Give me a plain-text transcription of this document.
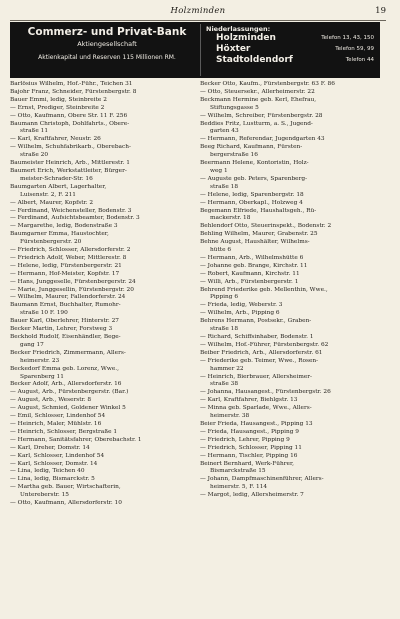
Holzminden	19
Commerz- und Privat-Bank
Aktiengesellschaft
Aktienkapital und Reserven 115 Millionen RM.
Niederlassungen:
Holzminden	Telefon 13, 43, 150
Höxter	Telefon 59, 99
Stadtoldendorf	Telefon 44
Barlösius Wilhelm, Hof.-Führ., Teichen 31
Bajohr Franz, Schneider, Fürstenbergstr. 8
Bauer Emmi, ledig, Steinbreite 2
— Ernst, Prediger, Steinbreite 2
— Otto, Kaufmann, Obere Str. 11 F. 256
Baumann Christoph, Dohlfahrts., Obere-
straße 11
— Karl, Kraftfahrer, Neustr. 26
— Wilhelm, Schuhfabrikarb., Oberebach-
straße 20
Baumeister Heinrich, Arb., Mittlerestr. 1
Baumert Erich, Werkstattleiter, Bürger-
meister-Schrader-Str. 16
Baumgarten Albert, Lagerhalter,
Luisenstr. 2, F. 211
— Albert, Maurer, Kopfstr. 2
— Ferdinand, Weichensteller, Bodenstr. 3
— Ferdinand, Aufsichtsbeamter, Bodenstr. 3
— Margarethe, ledig, Bodenstraße 3
Baumgarner Emma, Haustochter,
Fürstenbergerstr. 20
— Friedrich, Schlosser, Allersdorferstr. 2
— Friedrich Adolf, Weber, Mittlerestr. 8
— Helene, ledig, Fürstenbergerstr. 21
— Hermann, Hof-Meister, Kopfstr. 17
— Hans, Junggeselle, Fürstenbergerstr. 24
— Marie, Junggesellin, Fürstenbergstr. 20
— Wilhelm, Maurer, Fallendorferstr. 24
Baumann Ernst, Buchhalter, Rumohr-
straße 10 F. 190
Bauer Karl, Oberlehrer, Hinterstr. 27
Becker Martin, Lehrer, Forstweg 3
Beckhold Rudolf, Eisenhändler, Bege-
gang 17
Becker Friedrich, Zimmermann, Allers-
heimerstr. 23
Beckedorf Emma geb. Lorenz, Wwe.,
Sparenberg 11
Becker Adolf, Arb., Allersdorferstr. 16
— August, Arb., Fürstenbergerstr. (Bar.)
— August, Arb., Weserstr. 8
— August, Schmied, Goldener Winkel 5
— Emil, Schlosser, Lindenhof 54
— Heinrich, Maler, Mühlstr. 16
— Heinrich, Schlosser, Bergstraße 1
— Hermann, Sanitätsfahrer, Oberebachstr. 1
— Karl, Dreher, Domstr. 14
— Karl, Schlosser, Lindenhof 54
— Karl, Schlosser, Domstr. 14
— Lina, ledig, Teichen 40
— Lina, ledig, Bismarckstr. 5
— Martha geb. Bauer, Wirtschafterin,
Untereberstr. 15
— Otto, Kaufmann, Allersdorferstr. 10
Becker Otto, Kaufm., Fürstenbergstr. 63 F. 86
— Otto, Steuersekr., Allerheimerstr. 22
Beckmann Hermine geb. Kerl, Ehefrau,
Stiftungsgasse 5
— Wilhelm, Schreiber, Fürstenbergstr. 28
Beddies Fritz, Lustturm, a. S., Jugend-
garten 43
— Hermann, Referendar, Jugendgarten 43
Beeg Richard, Kaufmann, Fürsten-
bergerstraße 16
Beermann Helene, Kontoristin, Holz-
weg 1
— Auguste geb. Peters, Sparenberg-
straße 18
— Helene, ledig, Sparenbergstr. 18
— Hermann, Oberkapl., Holzweg 4
Begemann Elfriede, Haushaltsgeh., Rü-
mackerstr. 18
Behlendorf Otto, Steuerinspekt., Bodenstr. 2
Behling Wilhelm, Maurer, Grabenstr. 25
Behne August, Haushälter, Wilhelms-
hütte 6
— Hermann, Arb., Wilhelmshütte 6
— Johanne geb. Brange, Kirchstr. 11
— Robert, Kaufmann, Kirchstr. 11
— Willi, Arb., Fürstenbergerstr. 1
Behrend Friederike geb. Mellenthin, Wwe.,
Pipping 6
— Frieda, ledig, Weberstr. 3
— Wilhelm, Arb., Pipping 6
Behrens Hermann, Postsekr., Graben-
straße 18
— Richard, Schiffsinhaber, Bodenstr. 1
— Wilhelm, Hof.-Führer, Fürstenbergstr. 62
Beiber Friedrich, Arb., Allersdorferstr. 61
— Friederike geb. Teimer, Wwe., Rosen-
hammer 22
— Heinrich, Bierbrauer, Allersheimer-
straße 38
— Johanna, Hausangest., Fürstenbergstr. 26
— Karl, Kraftfahrer, Biehlgstr. 13
— Minna geb. Sparlade, Wwe., Allers-
heimerstr. 38
Beier Frieda, Hausangest., Pipping 13
— Frieda, Hausangest., Pipping 9
— Friedrich, Lehrer, Pipping 9
— Friedrich, Schlosser, Pipping 11
— Hermann, Tischler, Pipping 16
Beinert Bernhard, Werk-Führer,
Bismarckstraße 15
— Johann, Dampfmaschinenführer, Allers-
heimerstr. 5, F. 114
— Margot, ledig, Allersheimerstr. 7
